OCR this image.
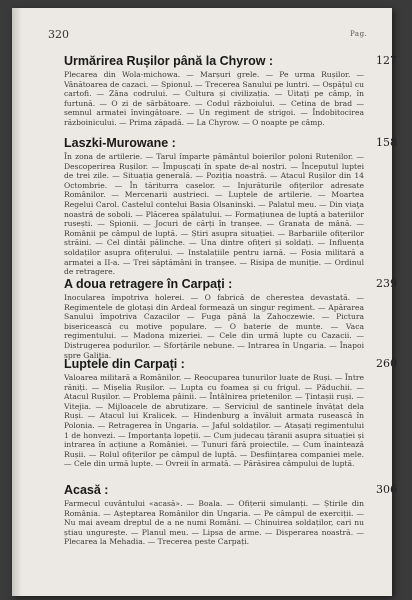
320	Pag.
Urmărirea Rușilor până la Chyrow :	127

Plecarea din Wola-michowa. — Marșuri grele. — Pe urma Rușilor. — Vânătoarea de cazaci. — Spionul. — Trecerea Sanului pe luntri. — Ospățul cu cartofi. — Zâna codrului. — Cultura și civilizația. — Uitați pe câmp, în furtună. — O zi de sărbătoare. — Codul războiului. — Cetina de brad — semnul armatei învingătoare. — Un regiment de strigoi. — Îndobitocirea războinicului. — Prima zăpadă. — La Chyrow. — O noapte pe câmp.

Laszki-Murowane :	158

În zona de artilerie. — Tarul împarte pământul boierilor poloni Rutenilor. — Descoperirea Rușilor. — Împușcați în spate de-al nostri. — Începutul luptei de trei zile. — Situația generală. — Poziția noastră. — Atacul Rușilor din 14 Octombrie. — În tăriturra caselor. — Injurăturile ofițerilor adresate Românilor. — Mercenarii austrieci. — Luptele de artilerie. — Moartea Regelui Carol. Castelul contelui Basia Olsaninski. — Palatul meu. — Din viaţa noastră de soboli. — Plăcerea spălatului. — Formațiunea de luptă a bateriilor rusești. — Spionii. — Jocuri de cărți în tranșee. — Granata de mână. — Românii pe câmpul de luptă. — Știri asupra situației. — Barbariile ofițerilor străini. — Cel dintâi pălinche. — Una dintre ofițeri și soldați. — Influența soldaților asupra ofițerului. — Instalațiile pentru iarnă. — Fosia militară a armatei a II-a. — Trei săptămâni în tranșee. — Risipa de muniție. — Ordinul de retragere.

A doua retragere în Carpați :	239

Inocularea împotriva holerei. — O fabrică de cherestea devastată. — Regimentele de glotași din Ardeal formează un singur regiment. — Apărarea Sanului împotriva Cazacilor — Fuga până la Zahoczewie. — Pictura bisericească cu motive populare. — O baterie de munte. — Vaca regimentului. — Madona mizeriei. — Cele din urmă lupte cu Cazacii. — Distrugerea podurilor. — Sforțările nebune. — Intrarea în Ungaria. — Înapoi spre Galiția.

Luptele din Carpați :	260

Valoarea militară a Românilor. — Reocuparea tunurilor luate de Ruși. — Între răniți. — Mișelia Rușilor. — Lupta cu foamea și cu frigul. — Păduchii. — Atacul Rușilor. — Problema pâinii. — Întâlnirea prietenilor. — Țintașii ruși. — Vitejia. — Mijloacele de abrutizare. — Serviciul de santinele învățat dela Ruși. — Atacul lui Kralicek. — Hindenburg a învăluit armata rusească în Polonia. — Retragerea în Ungaria. — Jaful soldaților. — Atașați regimentului 1 de honvezi. — Importanța lopeții. — Cum judecau țăranii asupra situației și intrarea în acțiune a României. — Tunuri fără proiectile. — Cum înaintează Rușii. — Rolul ofițerilor pe câmpul de luptă. — Desființarea companiei mele. — Cele din urmă lupte. — Ovreii în armată. — Părăsirea câmpului de luptă.

Acasă :	306

Farmecul cuvântului «acasă». — Boala. — Ofițerii simulanți. — Știrile din România. — Așteptarea Românilor din Ungaria. — Pe câmpul de exerciții. — Nu mai aveam dreptul de a ne numi Români. — Chinuirea soldaților, cari nu știau ungurește. — Planul meu. — Lipsa de arme. — Disperarea noastră. — Plecarea la Mehadia. — Trecerea peste Carpați.
